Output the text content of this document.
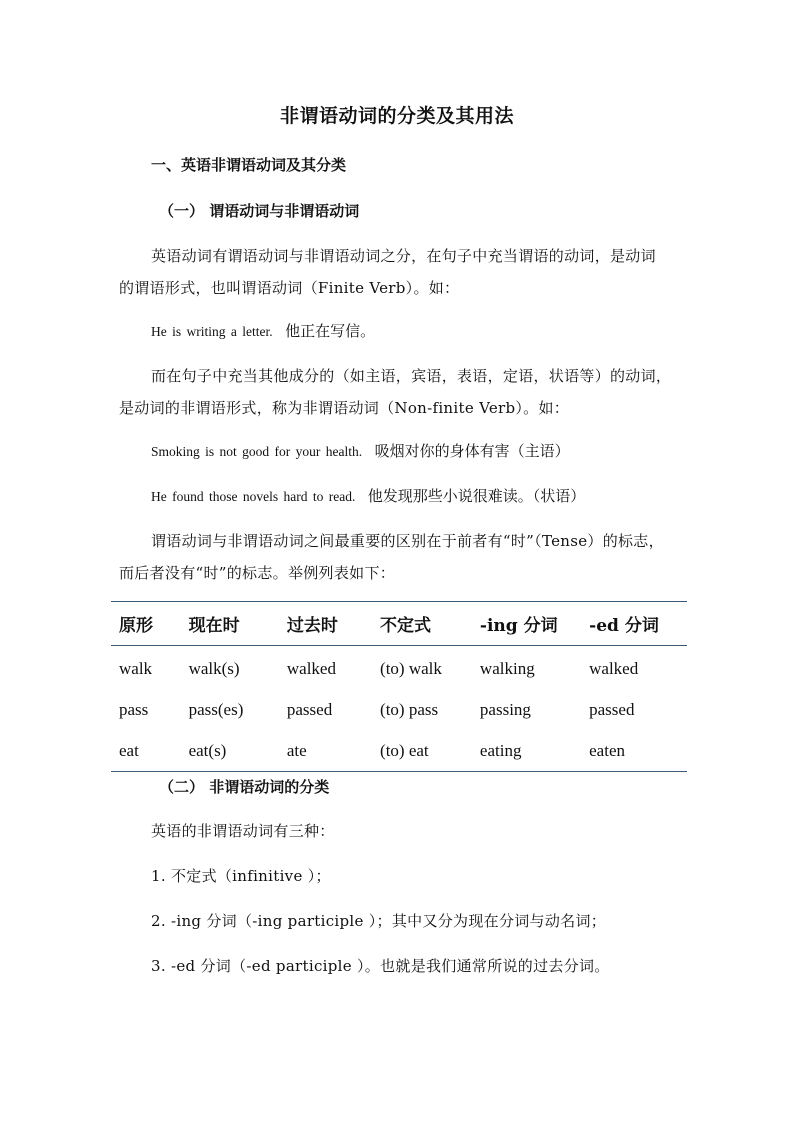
非谓语动词的分类及其用法
一、英语非谓语动词及其分类
（一） 谓语动词与非谓语动词
英语动词有谓语动词与非谓语动词之分，在句子中充当谓语的动词，是动词
的谓语形式，也叫谓语动词（Finite Verb）。如：
He is writing a letter. 他正在写信。
而在句子中充当其他成分的（如主语，宾语，表语，定语，状语等）的动词，
是动词的非谓语形式，称为非谓语动词（Non-finite Verb）。如：
Smoking is not good for your health. 吸烟对你的身体有害（主语）
He found those novels hard to read. 他发现那些小说很难读。（状语）
谓语动词与非谓语动词之间最重要的区别在于前者有“时”（Tense）的标志，
而后者没有“时”的标志。举例列表如下：
原形	现在时	过去时	不定式	-ing 分词	-ed 分词
walk	walk(s)	walked	(to) walk	walking	walked
pass	pass(es)	passed	(to) pass	passing	passed
eat	eat(s)	ate	(to) eat	eating	eaten
（二） 非谓语动词的分类
英语的非谓语动词有三种：
1. 不定式（infinitive ）；
2. -ing 分词（-ing participle ）；其中又分为现在分词与动名词；
3. -ed 分词（-ed participle ）。也就是我们通常所说的过去分词。
